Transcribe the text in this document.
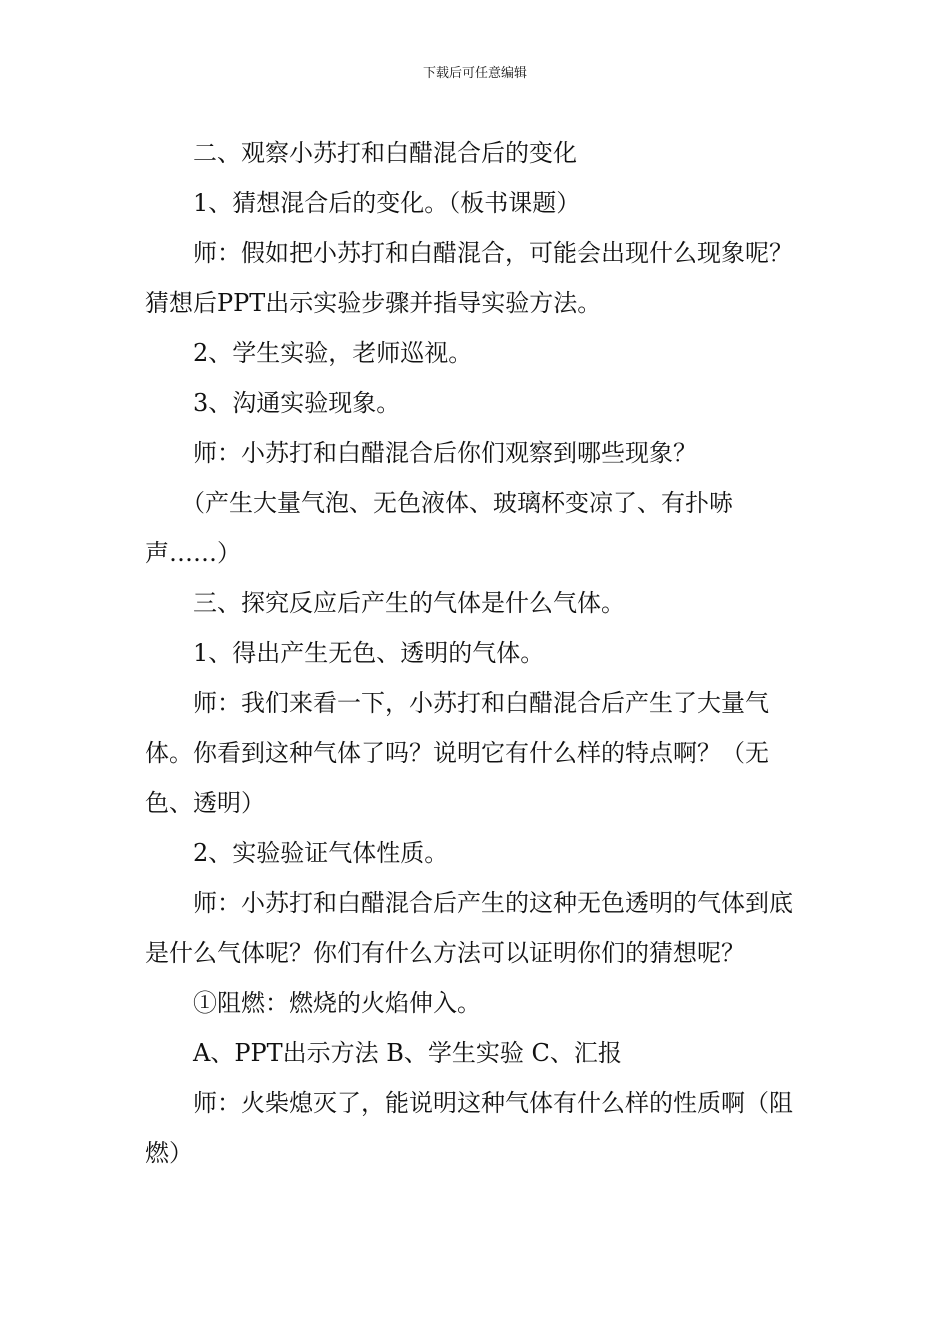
下载后可任意编辑

二、观察小苏打和白醋混合后的变化

1、猜想混合后的变化。（板书课题）

师：假如把小苏打和白醋混合，可能会出现什么现象呢？猜想后PPT出示实验步骤并指导实验方法。

2、学生实验，老师巡视。

3、沟通实验现象。

师：小苏打和白醋混合后你们观察到哪些现象？

（产生大量气泡、无色液体、玻璃杯变凉了、有扑哧声……）

三、探究反应后产生的气体是什么气体。

1、得出产生无色、透明的气体。

师：我们来看一下，小苏打和白醋混合后产生了大量气体。你看到这种气体了吗？说明它有什么样的特点啊？（无色、透明）

2、实验验证气体性质。

师：小苏打和白醋混合后产生的这种无色透明的气体到底是什么气体呢？你们有什么方法可以证明你们的猜想呢？

①阻燃：燃烧的火焰伸入。

A、PPT出示方法 B、学生实验 C、汇报

师：火柴熄灭了，能说明这种气体有什么样的性质啊（阻燃）
